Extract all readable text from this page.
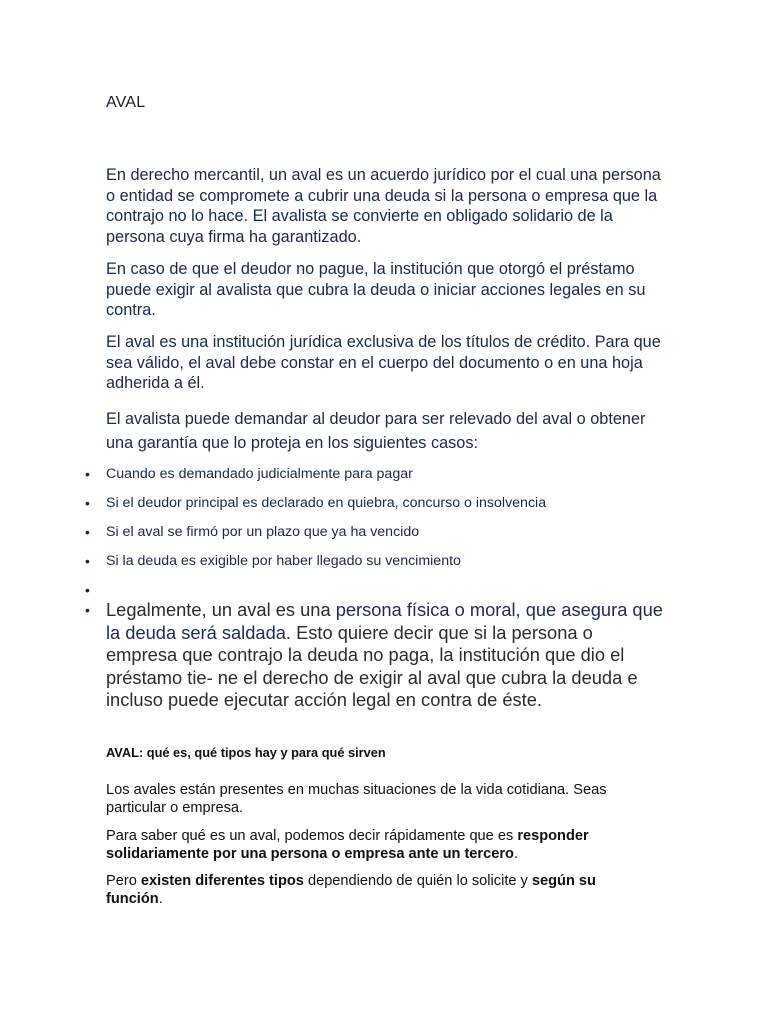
AVAL

En derecho mercantil, un aval es un acuerdo jurídico por el cual una persona o entidad se compromete a cubrir una deuda si la persona o empresa que la contrajo no lo hace. El avalista se convierte en obligado solidario de la persona cuya firma ha garantizado.

En caso de que el deudor no pague, la institución que otorgó el préstamo puede exigir al avalista que cubra la deuda o iniciar acciones legales en su contra.

El aval es una institución jurídica exclusiva de los títulos de crédito. Para que sea válido, el aval debe constar en el cuerpo del documento o en una hoja adherida a él.

El avalista puede demandar al deudor para ser relevado del aval o obtener una garantía que lo proteja en los siguientes casos:

• Cuando es demandado judicialmente para pagar
• Si el deudor principal es declarado en quiebra, concurso o insolvencia
• Si el aval se firmó por un plazo que ya ha vencido
• Si la deuda es exigible por haber llegado su vencimiento
•
• Legalmente, un aval es una persona física o moral, que asegura que la deuda será saldada. Esto quiere decir que si la persona o empresa que contrajo la deuda no paga, la institución que dio el préstamo tie- ne el derecho de exigir al aval que cubra la deuda e incluso puede ejecutar acción legal en contra de éste.
AVAL: qué es, qué tipos hay y para qué sirven

Los avales están presentes en muchas situaciones de la vida cotidiana. Seas particular o empresa.

Para saber qué es un aval, podemos decir rápidamente que es responder solidariamente por una persona o empresa ante un tercero.

Pero existen diferentes tipos dependiendo de quién lo solicite y según su función.
